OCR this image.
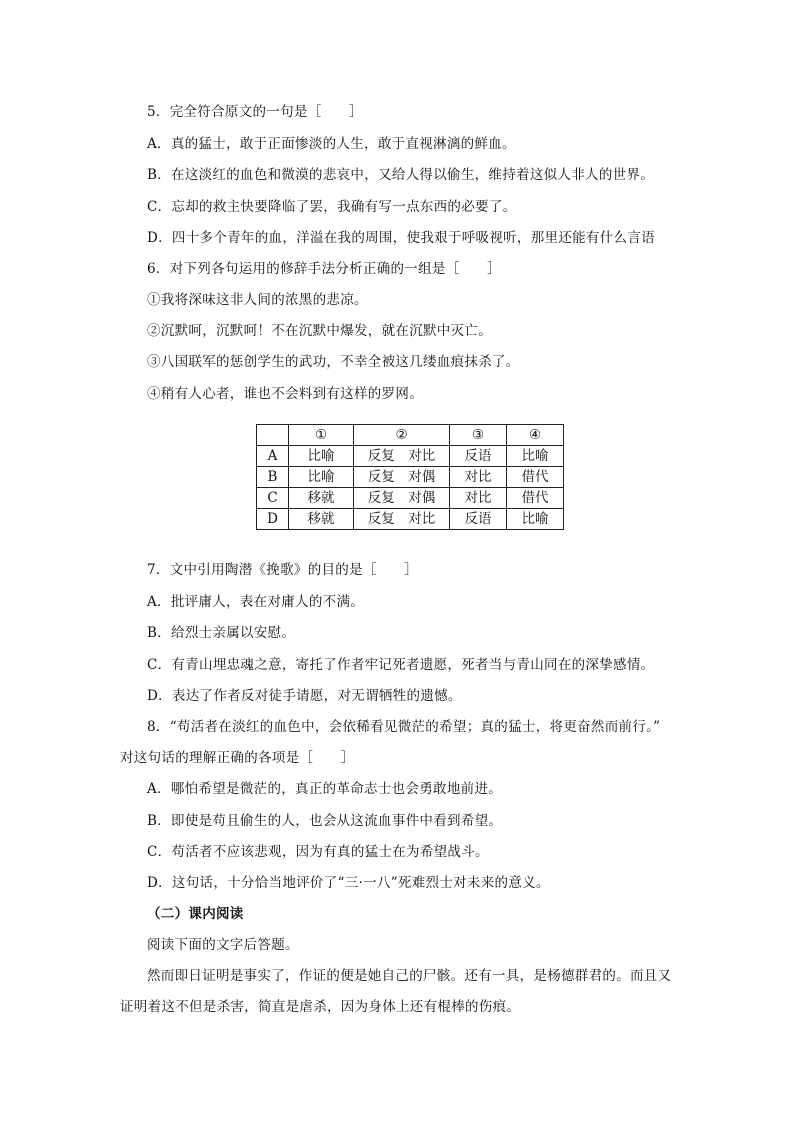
5．完全符合原文的一句是［　　］
A．真的猛士，敢于正面惨淡的人生，敢于直视淋漓的鲜血。
B．在这淡红的血色和微漠的悲哀中，又给人得以偷生，维持着这似人非人的世界。
C．忘却的救主快要降临了罢，我确有写一点东西的必要了。
D．四十多个青年的血，洋溢在我的周围，使我艰于呼吸视听，那里还能有什么言语
6．对下列各句运用的修辞手法分析正确的一组是［　　］
①我将深味这非人间的浓黑的悲凉。
②沉默呵，沉默呵！不在沉默中爆发，就在沉默中灭亡。
③八国联军的惩创学生的武功，不幸全被这几缕血痕抹杀了。
④稍有人心者，谁也不会料到有这样的罗网。
	①	②	③	④
A	比喻	反复　对比	反语	比喻
B	比喻	反复　对偶	对比	借代
C	移就	反复　对偶	对比	借代
D	移就	反复　对比	反语	比喻
7．文中引用陶潜《挽歌》的目的是［　　］
A．批评庸人，表在对庸人的不满。
B．给烈士亲属以安慰。
C．有青山埋忠魂之意，寄托了作者牢记死者遗愿，死者当与青山同在的深挚感情。
D．表达了作者反对徒手请愿，对无谓牺牲的遗憾。
8．“苟活者在淡红的血色中，会依稀看见微茫的希望；真的猛士，将更奋然而前行。”
对这句话的理解正确的各项是［　　］
A．哪怕希望是微茫的，真正的革命志士也会勇敢地前进。
B．即使是苟且偷生的人，也会从这流血事件中看到希望。
C．苟活者不应该悲观，因为有真的猛士在为希望战斗。
D．这句话，十分恰当地评价了“三·一八”死难烈士对未来的意义。
（二）课内阅读
阅读下面的文字后答题。
然而即日证明是事实了，作证的便是她自己的尸骸。还有一具，是杨德群君的。而且又
证明着这不但是杀害，简直是虐杀，因为身体上还有棍棒的伤痕。
